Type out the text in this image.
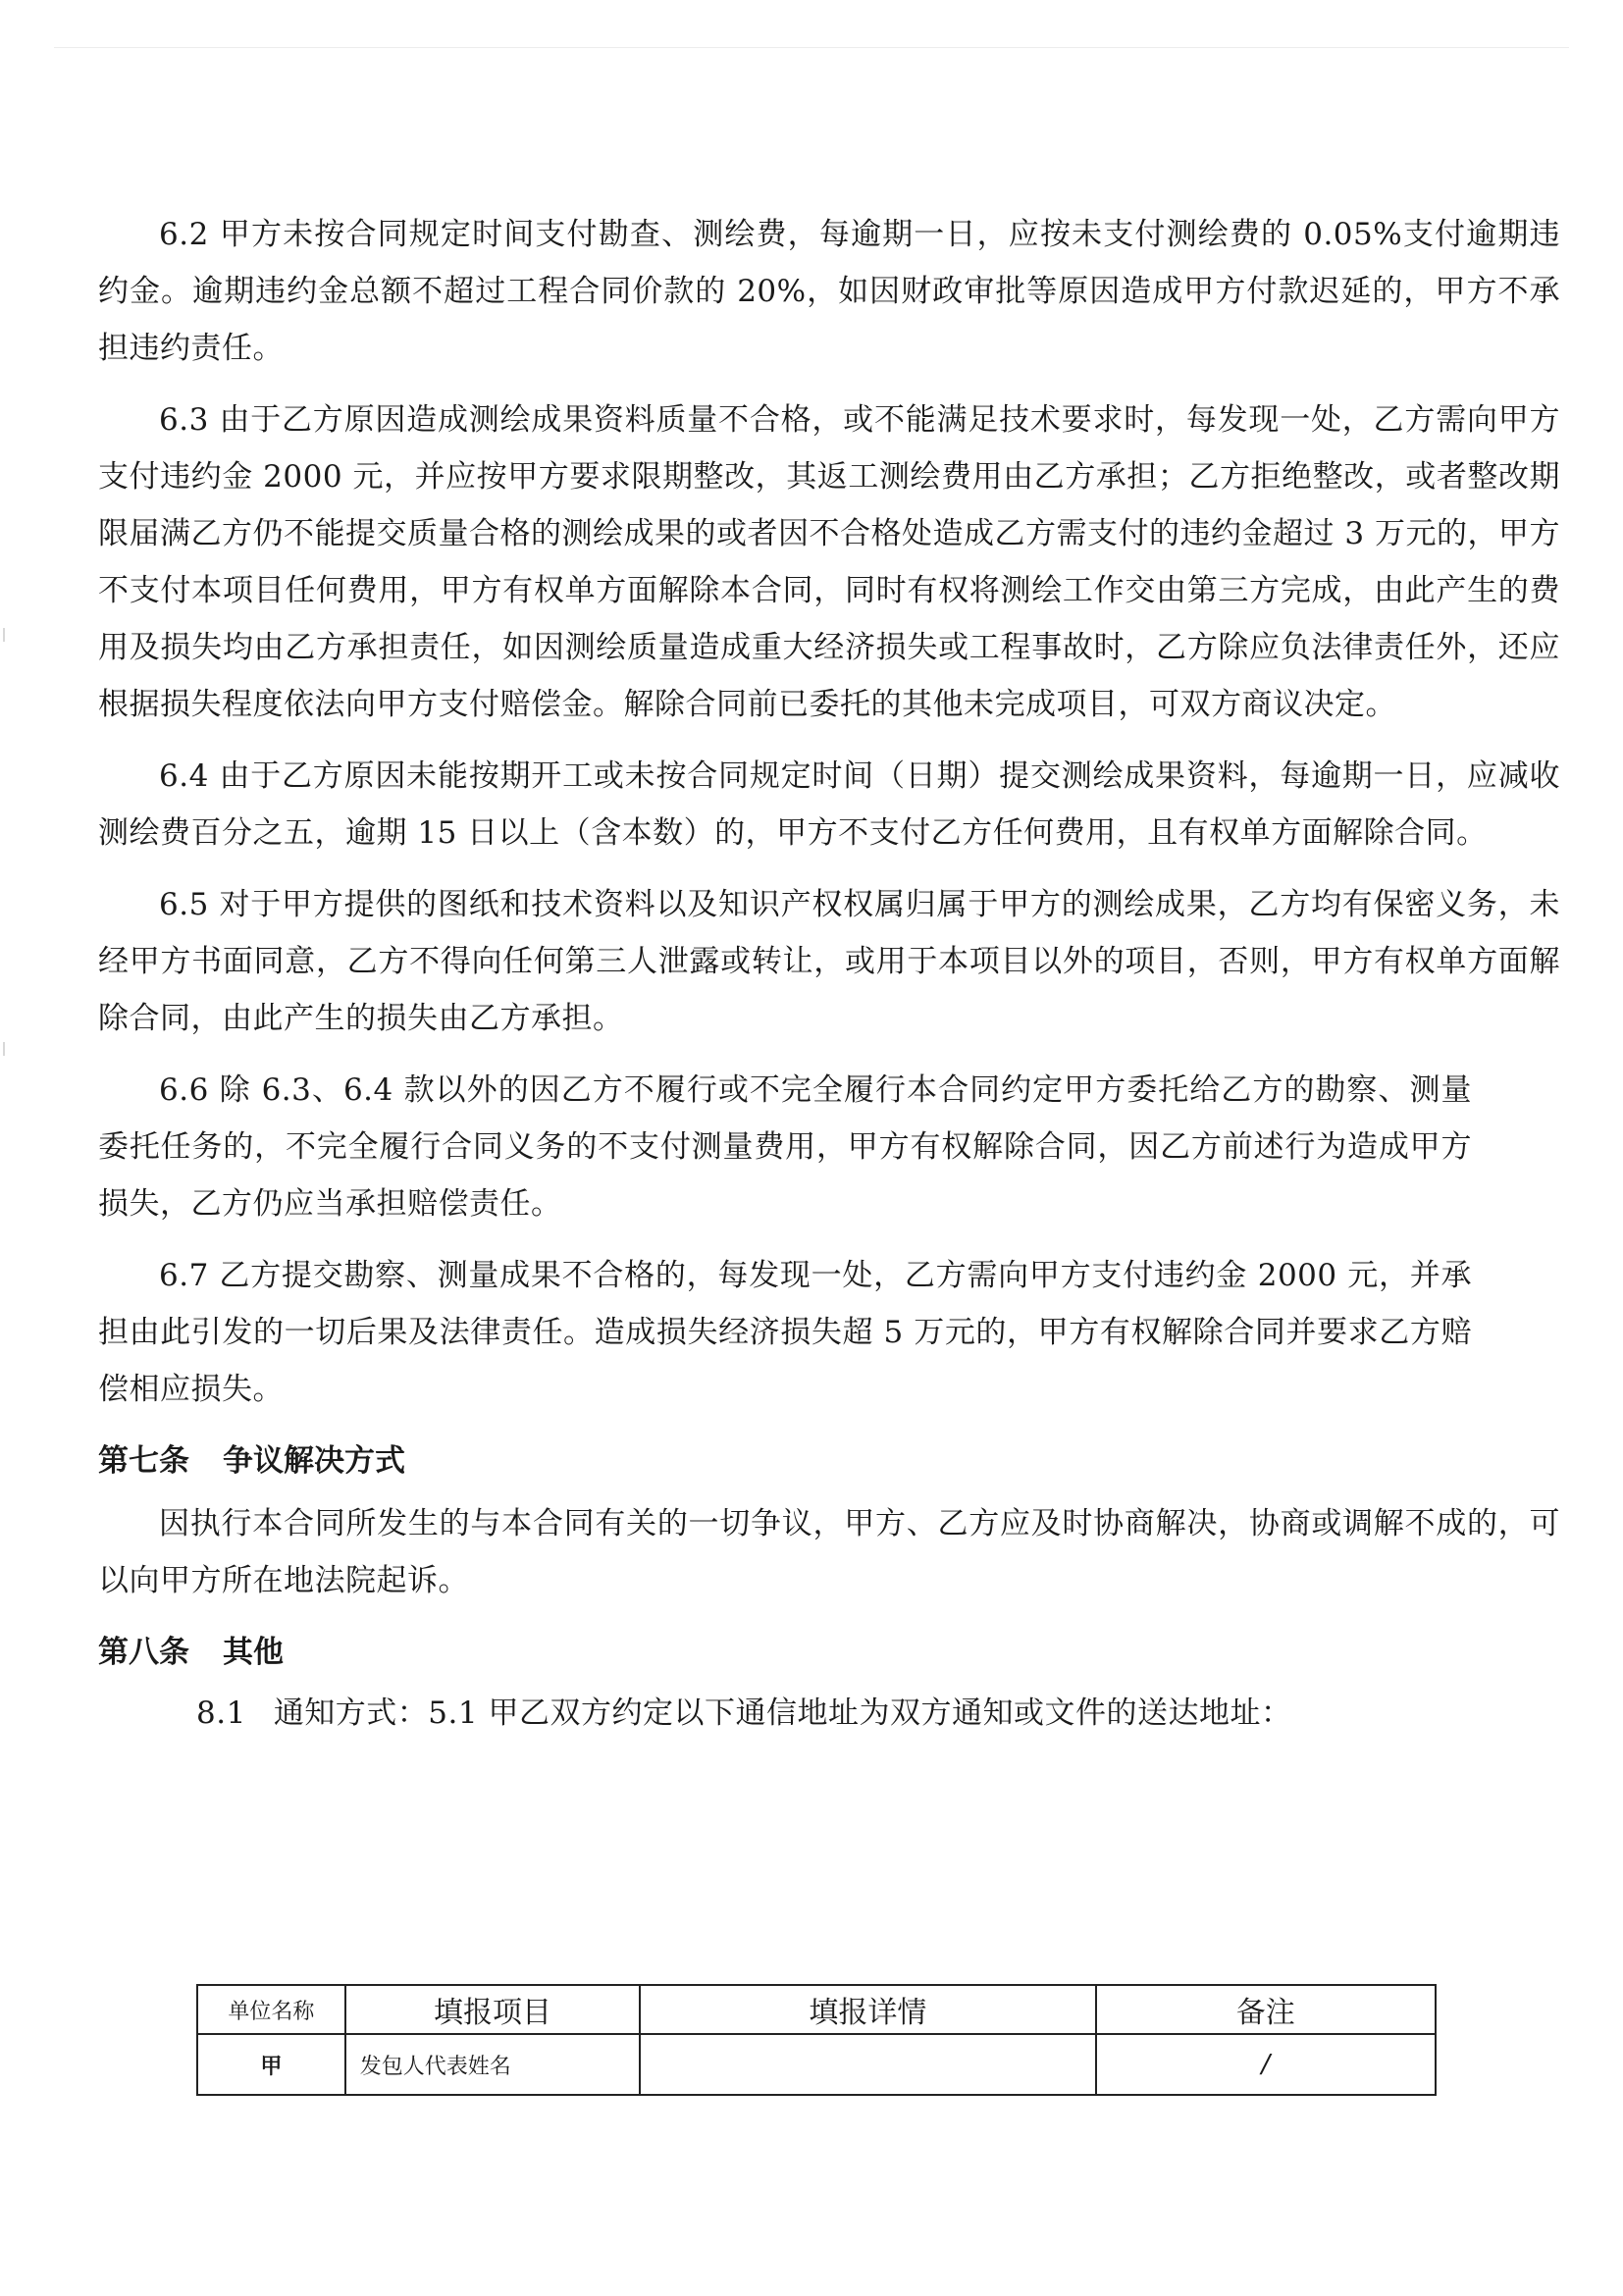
6.2 甲方未按合同规定时间支付勘查、测绘费，每逾期一日，应按未支付测绘费的 0.05%支付逾期违约金。逾期违约金总额不超过工程合同价款的 20%，如因财政审批等原因造成甲方付款迟延的，甲方不承担违约责任。

6.3 由于乙方原因造成测绘成果资料质量不合格，或不能满足技术要求时，每发现一处，乙方需向甲方支付违约金 2000 元，并应按甲方要求限期整改，其返工测绘费用由乙方承担；乙方拒绝整改，或者整改期限届满乙方仍不能提交质量合格的测绘成果的或者因不合格处造成乙方需支付的违约金超过 3 万元的，甲方不支付本项目任何费用，甲方有权单方面解除本合同，同时有权将测绘工作交由第三方完成，由此产生的费用及损失均由乙方承担责任，如因测绘质量造成重大经济损失或工程事故时，乙方除应负法律责任外，还应根据损失程度依法向甲方支付赔偿金。解除合同前已委托的其他未完成项目，可双方商议决定。

6.4 由于乙方原因未能按期开工或未按合同规定时间（日期）提交测绘成果资料，每逾期一日，应减收测绘费百分之五，逾期 15 日以上（含本数）的，甲方不支付乙方任何费用，且有权单方面解除合同。

6.5 对于甲方提供的图纸和技术资料以及知识产权权属归属于甲方的测绘成果，乙方均有保密义务，未经甲方书面同意，乙方不得向任何第三人泄露或转让，或用于本项目以外的项目，否则，甲方有权单方面解除合同，由此产生的损失由乙方承担。

6.6 除 6.3、6.4 款以外的因乙方不履行或不完全履行本合同约定甲方委托给乙方的勘察、测量委托任务的，不完全履行合同义务的不支付测量费用，甲方有权解除合同，因乙方前述行为造成甲方损失，乙方仍应当承担赔偿责任。

6.7 乙方提交勘察、测量成果不合格的，每发现一处，乙方需向甲方支付违约金 2000 元，并承担由此引发的一切后果及法律责任。造成损失经济损失超 5 万元的，甲方有权解除合同并要求乙方赔偿相应损失。

第七条 争议解决方式

因执行本合同所发生的与本合同有关的一切争议，甲方、乙方应及时协商解决，协商或调解不成的，可以向甲方所在地法院起诉。

第八条 其他
8.1 通知方式：5.1 甲乙双方约定以下通信地址为双方通知或文件的送达地址：
单位名称	填报项目	填报详情	备注
甲	发包人代表姓名		/
